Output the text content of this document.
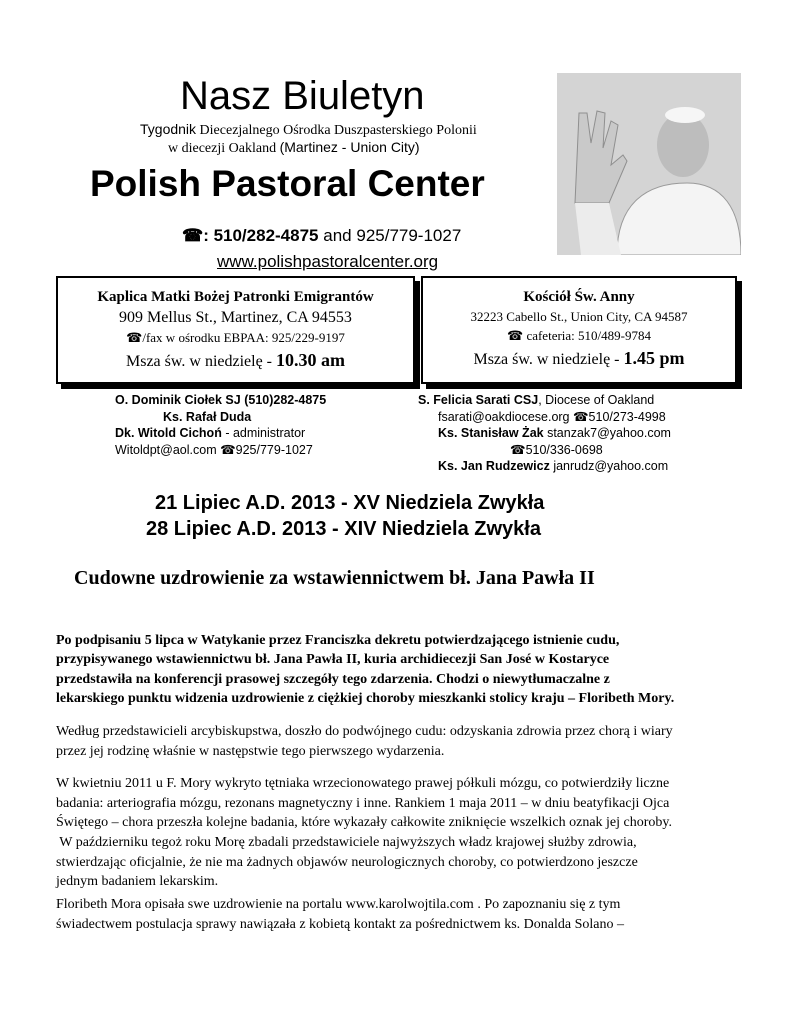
Nasz Biuletyn
Tygodnik Diecezjalnego Ośrodka Duszpasterskiego Polonii
w diecezji Oakland (Martinez - Union City)
Polish Pastoral Center
☎: 510/282-4875 and 925/779-1027
www.polishpastoralcenter.org
Kaplica Matki Bożej Patronki Emigrantów
909 Mellus St., Martinez, CA 94553
☎/fax w ośrodku EBPAA: 925/229-9197
Msza św. w niedzielę - 10.30 am
Kościół Św. Anny
32223 Cabello St., Union City, CA 94587
☎ cafeteria: 510/489-9784
Msza św. w niedzielę - 1.45 pm
O. Dominik Ciołek SJ (510)282-4875
Ks. Rafał Duda
Dk. Witold Cichoń - administrator
Witoldpt@aol.com ☎925/779-1027
S. Felicia Sarati CSJ, Diocese of Oakland
fsarati@oakdiocese.org ☎510/273-4998
Ks. Stanisław Żak stanzak7@yahoo.com
☎510/336-0698
Ks. Jan Rudzewicz janrudz@yahoo.com
21 Lipiec A.D. 2013 - XV Niedziela Zwykła
28 Lipiec A.D. 2013 - XIV Niedziela Zwykła
Cudowne uzdrowienie za wstawiennictwem bł. Jana Pawła II
Po podpisaniu 5 lipca w Watykanie przez Franciszka dekretu potwierdzającego istnienie cudu,
przypisywanego wstawiennictwu bł. Jana Pawła II, kuria archidiecezji San José w Kostaryce
przedstawiła na konferencji prasowej szczegóły tego zdarzenia. Chodzi o niewytłumaczalne z
lekarskiego punktu widzenia uzdrowienie z ciężkiej choroby mieszkanki stolicy kraju – Floribeth Mory.
Według przedstawicieli arcybiskupstwa, doszło do podwójnego cudu: odzyskania zdrowia przez chorą i wiary
przez jej rodzinę właśnie w następstwie tego pierwszego wydarzenia.
W kwietniu 2011 u F. Mory wykryto tętniaka wrzecionowatego prawej półkuli mózgu, co potwierdziły liczne
badania: arteriografia mózgu, rezonans magnetyczny i inne. Rankiem 1 maja 2011 – w dniu beatyfikacji Ojca
Świętego – chora przeszła kolejne badania, które wykazały całkowite zniknięcie wszelkich oznak jej choroby.
W październiku tegoż roku Morę zbadali przedstawiciele najwyższych władz krajowej służby zdrowia,
stwierdzając oficjalnie, że nie ma żadnych objawów neurologicznych choroby, co potwierdzono jeszcze
jednym badaniem lekarskim.
Floribeth Mora opisała swe uzdrowienie na portalu www.karolwojtila.com . Po zapoznaniu się z tym
świadectwem postulacja sprawy nawiązała z kobietą kontakt za pośrednictwem ks. Donalda Solano –
